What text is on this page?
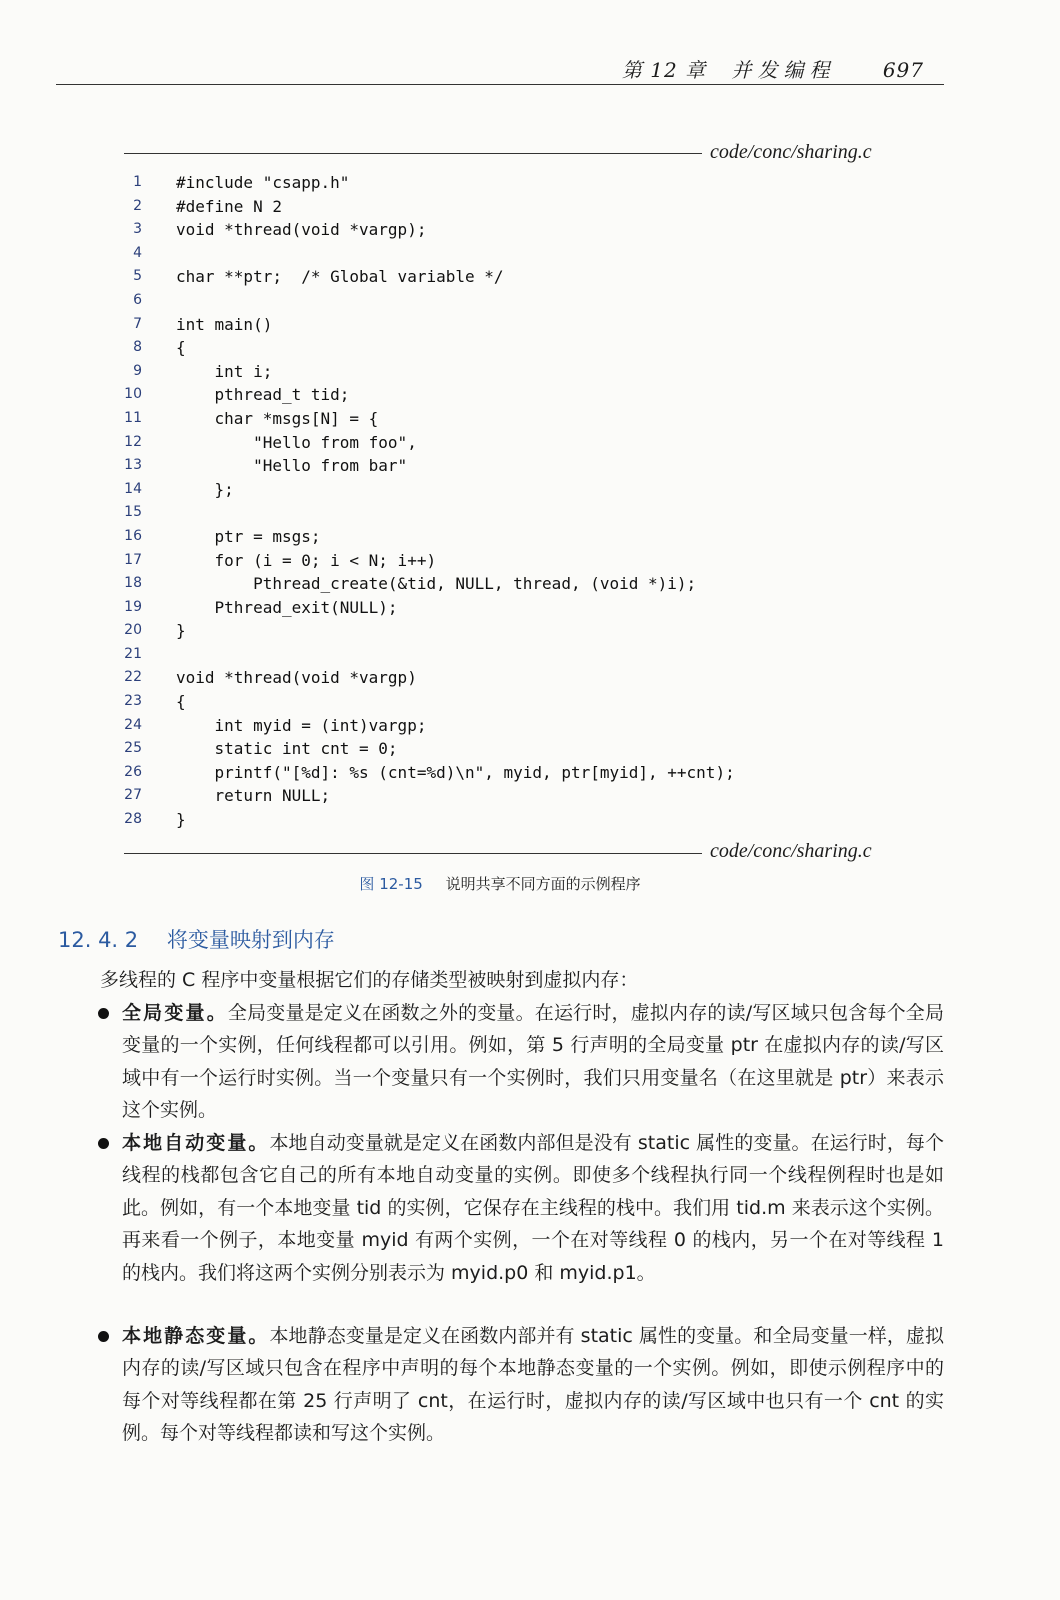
第 12 章 并发编程 697
code/conc/sharing.c
1 #include "csapp.h"
2 #define N 2
3 void *thread(void *vargp);
4
5 char **ptr;  /* Global variable */
6
7 int main()
8 {
9 int i;
10 pthread_t tid;
11 char *msgs[N] = {
12 "Hello from foo",
13 "Hello from bar"
14 };
15
16 ptr = msgs;
17 for (i = 0; i < N; i++)
18 Pthread_create(&tid, NULL, thread, (void *)i);
19 Pthread_exit(NULL);
20 }
21
22 void *thread(void *vargp)
23 {
24 int myid = (int)vargp;
25 static int cnt = 0;
26 printf("[%d]: %s (cnt=%d)\n", myid, ptr[myid], ++cnt);
27 return NULL;
28 }
code/conc/sharing.c
图 12-15 说明共享不同方面的示例程序
12. 4. 2 将变量映射到内存
多线程的 C 程序中变量根据它们的存储类型被映射到虚拟内存：
全局变量。全局变量是定义在函数之外的变量。在运行时，虚拟内存的读/写区域只包含每个全局变量的一个实例，任何线程都可以引用。例如，第 5 行声明的全局变量 ptr 在虚拟内存的读/写区域中有一个运行时实例。当一个变量只有一个实例时，我们只用变量名（在这里就是 ptr）来表示这个实例。
本地自动变量。本地自动变量就是定义在函数内部但是没有 static 属性的变量。在运行时，每个线程的栈都包含它自己的所有本地自动变量的实例。即使多个线程执行同一个线程例程时也是如此。例如，有一个本地变量 tid 的实例，它保存在主线程的栈中。我们用 tid.m 来表示这个实例。再来看一个例子，本地变量 myid 有两个实例，一个在对等线程 0 的栈内，另一个在对等线程 1 的栈内。我们将这两个实例分别表示为 myid.p0 和 myid.p1。
本地静态变量。本地静态变量是定义在函数内部并有 static 属性的变量。和全局变量一样，虚拟内存的读/写区域只包含在程序中声明的每个本地静态变量的一个实例。例如，即使示例程序中的每个对等线程都在第 25 行声明了 cnt，在运行时，虚拟内存的读/写区域中也只有一个 cnt 的实例。每个对等线程都读和写这个实例。
